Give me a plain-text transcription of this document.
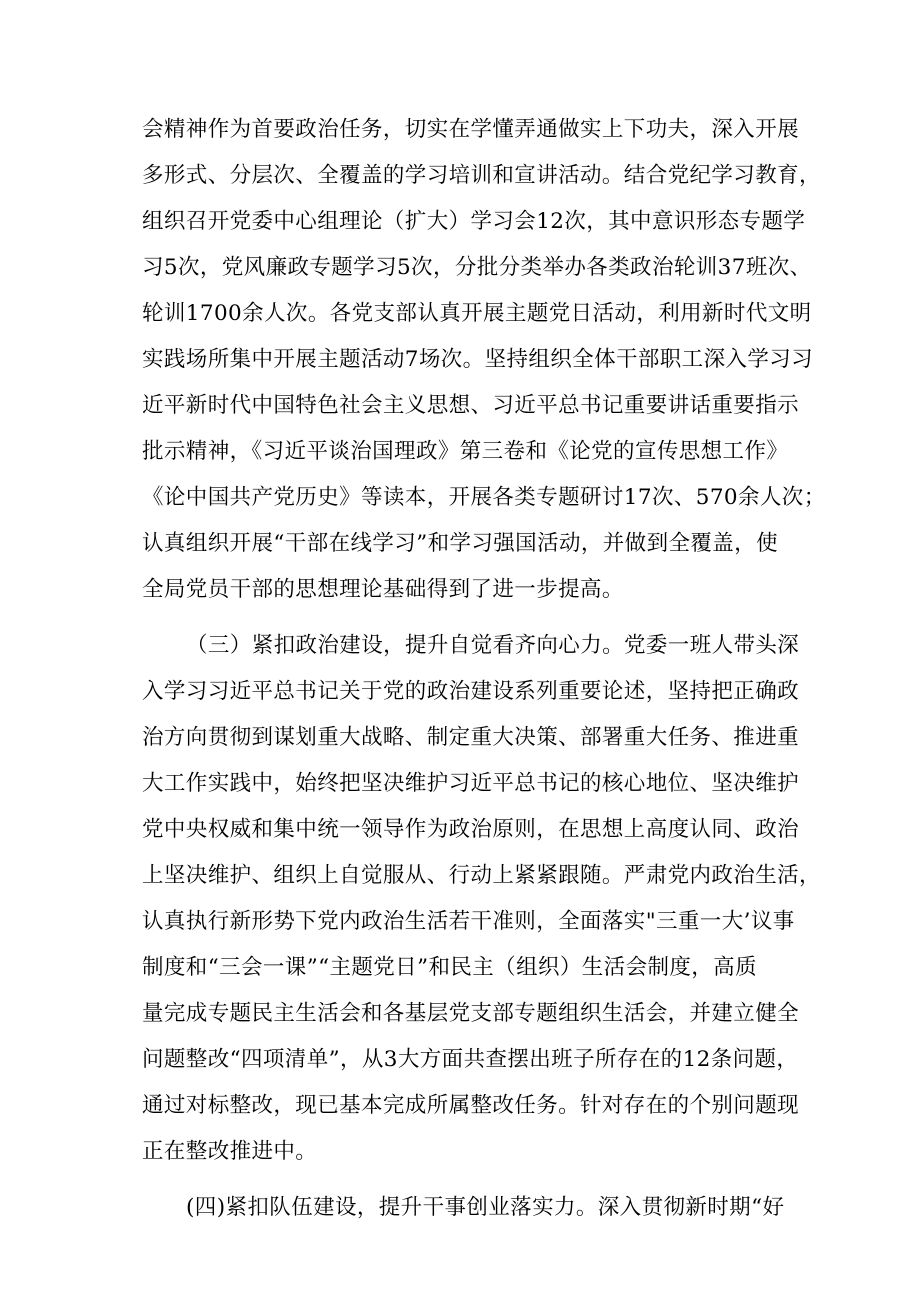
会精神作为首要政治任务，切实在学懂弄通做实上下功夫，深入开展
多形式、分层次、全覆盖的学习培训和宣讲活动。结合党纪学习教育，
组织召开党委中心组理论（扩大）学习会12次，其中意识形态专题学
习5次，党风廉政专题学习5次，分批分类举办各类政治轮训37班次、
轮训1700余人次。各党支部认真开展主题党日活动，利用新时代文明
实践场所集中开展主题活动7场次。坚持组织全体干部职工深入学习习
近平新时代中国特色社会主义思想、习近平总书记重要讲话重要指示
批示精神，《习近平谈治国理政》第三卷和《论党的宣传思想工作》
《论中国共产党历史》等读本，开展各类专题研讨17次、570余人次；
认真组织开展“干部在线学习”和学习强国活动，并做到全覆盖，使
全局党员干部的思想理论基础得到了进一步提高。
（三）紧扣政治建设，提升自觉看齐向心力。党委一班人带头深
入学习习近平总书记关于党的政治建设系列重要论述，坚持把正确政
治方向贯彻到谋划重大战略、制定重大决策、部署重大任务、推进重
大工作实践中，始终把坚决维护习近平总书记的核心地位、坚决维护
党中央权威和集中统一领导作为政治原则，在思想上高度认同、政治
上坚决维护、组织上自觉服从、行动上紧紧跟随。严肃党内政治生活，
认真执行新形势下党内政治生活若干准则，全面落实"三重一大’议事
制度和“三会一课”“主题党日”和民主（组织）生活会制度，高质
量完成专题民主生活会和各基层党支部专题组织生活会，并建立健全
问题整改“四项清单”，从3大方面共查摆出班子所存在的12条问题，
通过对标整改，现已基本完成所属整改任务。针对存在的个别问题现
正在整改推进中。
(四)紧扣队伍建设，提升干事创业落实力。深入贯彻新时期“好
